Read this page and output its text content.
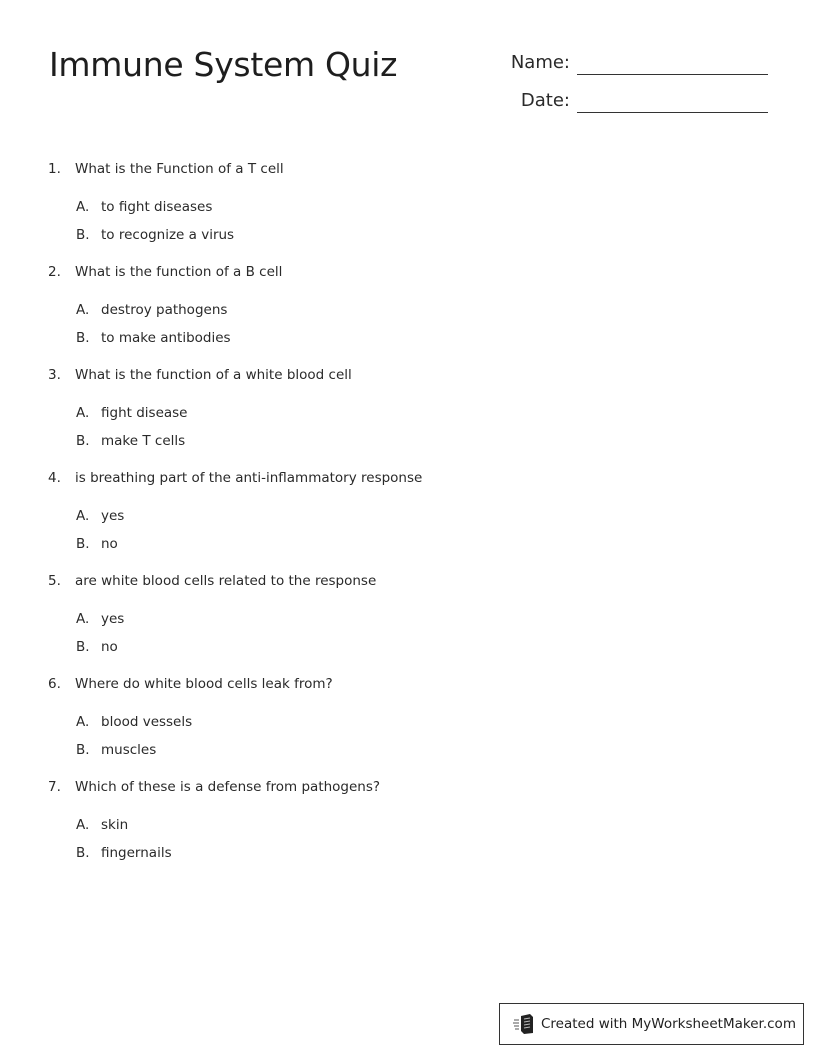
Immune System Quiz	Name:
Date:
1.	What is the Function of a T cell
A. to fight diseases
B. to recognize a virus
2.	What is the function of a B cell
A. destroy pathogens
B. to make antibodies
3.	What is the function of a white blood cell
A. fight disease
B. make T cells
4.	is breathing part of the anti-inflammatory response
A. yes
B. no
5.	are white blood cells related to the response
A. yes
B. no
6.	Where do white blood cells leak from?
A. blood vessels
B. muscles
7.	Which of these is a defense from pathogens?
A. skin
B. fingernails
Created with MyWorksheetMaker.com
